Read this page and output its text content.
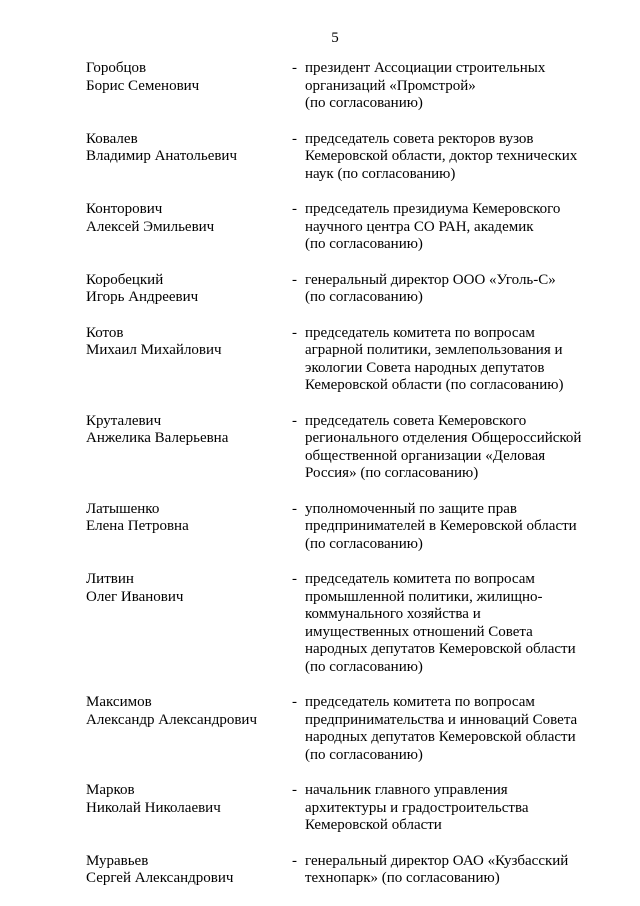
5
Горобцов
Борис Семенович
- президент Ассоциации строительных
организаций «Промстрой»
(по согласованию)
Ковалев
Владимир Анатольевич
- председатель совета ректоров вузов
Кемеровской области, доктор технических
наук (по согласованию)
Конторович
Алексей Эмильевич
- председатель президиума Кемеровского
научного центра СО РАН, академик
(по согласованию)
Коробецкий
Игорь Андреевич
- генеральный директор ООО «Уголь-С»
(по согласованию)
Котов
Михаил Михайлович
- председатель комитета по вопросам
аграрной политики, землепользования и
экологии Совета народных депутатов
Кемеровской области (по согласованию)
Круталевич
Анжелика Валерьевна
- председатель совета Кемеровского
регионального отделения Общероссийской
общественной организации «Деловая
Россия» (по согласованию)
Латышенко
Елена Петровна
- уполномоченный по защите прав
предпринимателей в Кемеровской области
(по согласованию)
Литвин
Олег Иванович
- председатель комитета по вопросам
промышленной политики, жилищно-
коммунального хозяйства и
имущественных отношений Совета
народных депутатов Кемеровской области
(по согласованию)
Максимов
Александр Александрович
- председатель комитета по вопросам
предпринимательства и инноваций Совета
народных депутатов Кемеровской области
(по согласованию)
Марков
Николай Николаевич
- начальник главного управления
архитектуры и градостроительства
Кемеровской области
Муравьев
Сергей Александрович
- генеральный директор ОАО «Кузбасский
технопарк» (по согласованию)
